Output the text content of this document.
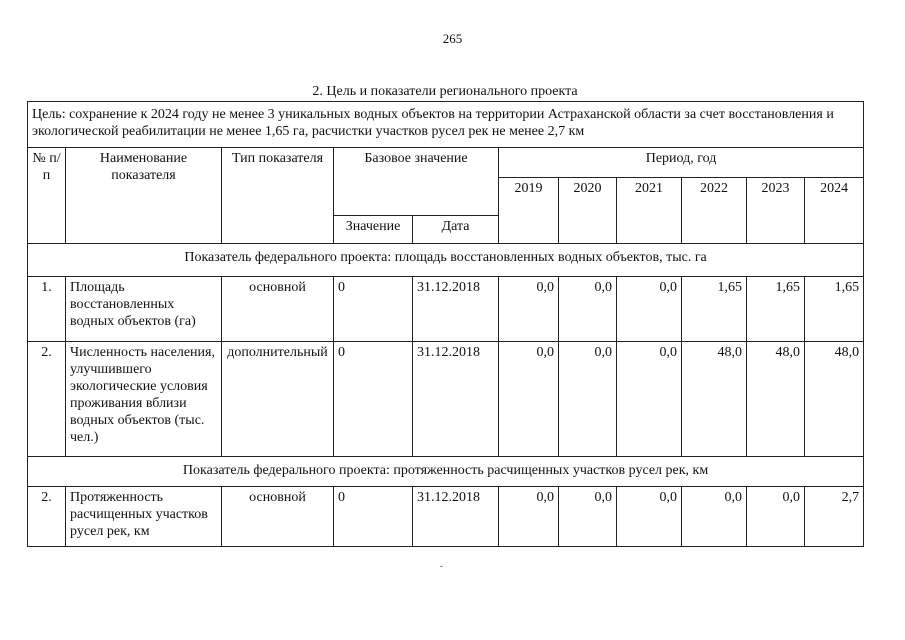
265
2. Цель и показатели регионального проекта
Цель: сохранение к 2024 году не менее 3 уникальных водных объектов на территории Астраханской области за счет восстановления и экологической реабилитации не менее 1,65 га, расчистки участков русел рек не менее 2,7 км										
№ п/п	Наименование показателя	Тип показателя	Базовое значение		Период, год					
					2019	2020	2021	2022	2023	2024
			Значение	Дата						
Показатель федерального проекта: площадь восстановленных водных объектов, тыс. га										
1.	Площадь восстановленных водных объектов (га)	основной	0	31.12.2018	0,0	0,0	0,0	1,65	1,65	1,65
2.	Численность населения, улучшившего экологические условия проживания вблизи водных объектов (тыс. чел.)	дополнительный	0	31.12.2018	0,0	0,0	0,0	48,0	48,0	48,0
Показатель федерального проекта: протяженность расчищенных участков русел рек, км										
2.	Протяженность расчищенных участков русел рек, км	основной	0	31.12.2018	0,0	0,0	0,0	0,0	0,0	2,7
